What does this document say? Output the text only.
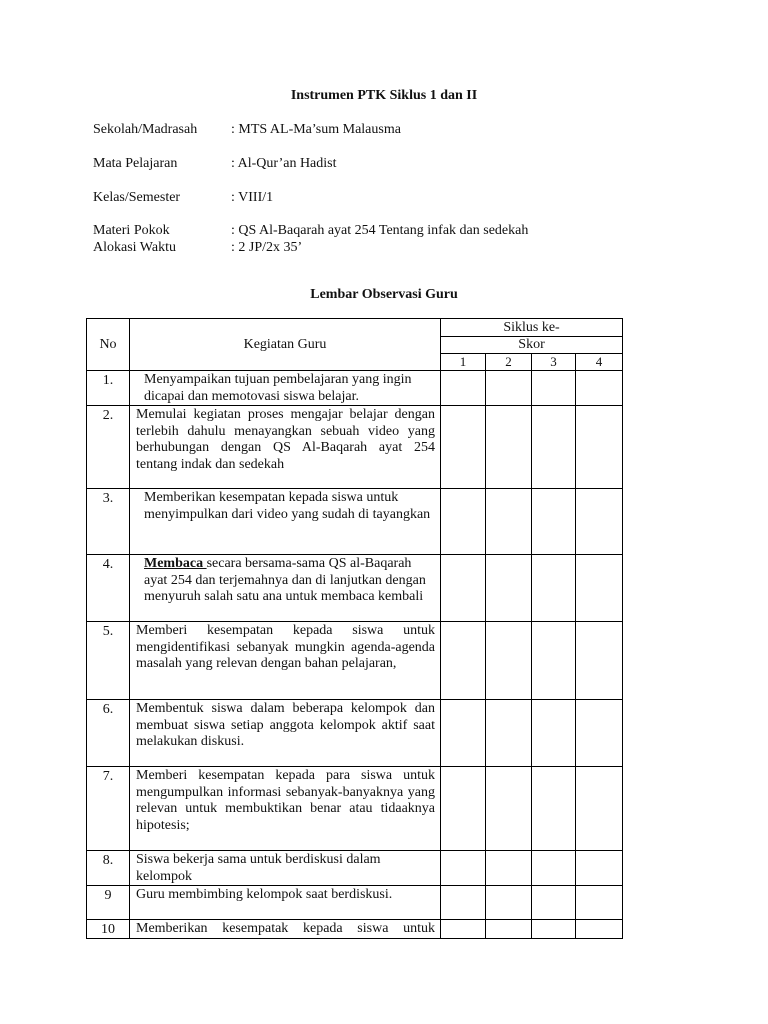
Instrumen PTK Siklus 1 dan II
Sekolah/Madrasah : MTS AL-Ma’sum Malausma
Mata Pelajaran	: Al-Qur’an Hadist
Kelas/Semester	: VIII/1
Materi Pokok	: QS Al-Baqarah ayat 254 Tentang infak dan sedekah
Alokasi Waktu	: 2 JP/2x 35’
Lembar Observasi Guru
No	Kegiatan Guru	Siklus ke-			
		Skor			
		1	2	3	4
1.	Menyampaikan tujuan pembelajaran yang ingin dicapai dan memotovasi siswa belajar.				
2.	Memulai kegiatan proses mengajar belajar dengan terlebih dahulu menayangkan sebuah video yang berhubungan dengan QS Al-Baqarah ayat 254 tentang indak dan sedekah				
3.	Memberikan kesempatan kepada siswa untuk menyimpulkan dari video yang sudah di tayangkan				
4.	Membaca secara bersama-sama QS al-Baqarah ayat 254 dan terjemahnya dan di lanjutkan dengan menyuruh salah satu ana untuk membaca kembali				
5.	Memberi kesempatan kepada siswa untuk mengidentifikasi sebanyak mungkin agenda-agenda masalah yang relevan dengan bahan pelajaran,				
6.	Membentuk siswa dalam beberapa kelompok dan membuat siswa setiap anggota kelompok aktif saat melakukan diskusi.				
7.	Memberi kesempatan kepada para siswa untuk mengumpulkan informasi sebanyak-banyaknya yang relevan untuk membuktikan benar atau tidaaknya hipotesis;				
8.	Siswa bekerja sama untuk berdiskusi dalam kelompok				
9	Guru membimbing kelompok saat berdiskusi.				
10	Memberikan kesempatak kepada siswa untuk				
